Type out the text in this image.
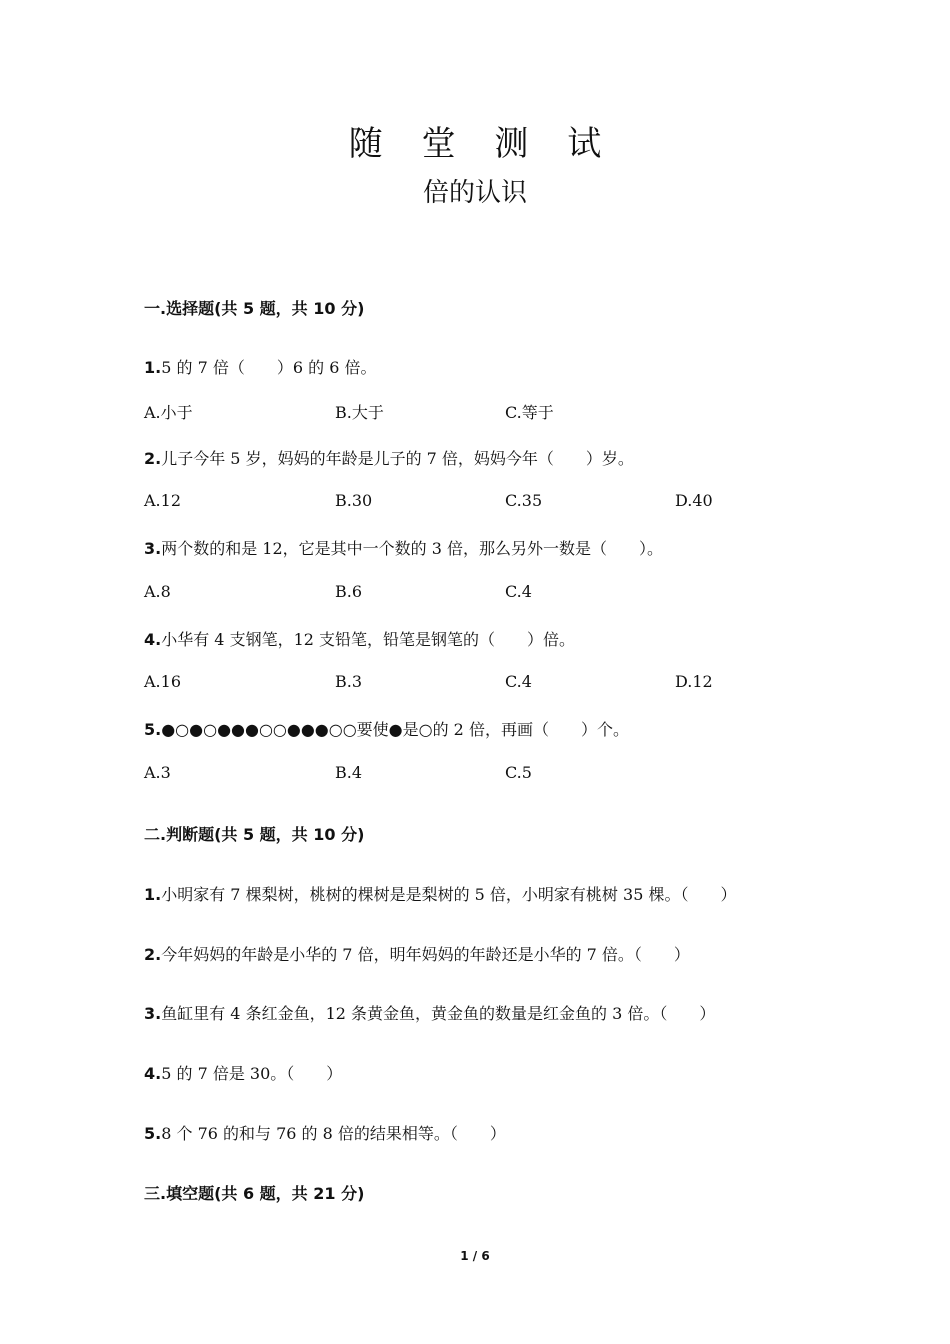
随 堂 测 试
倍的认识
一.选择题(共 5 题，共 10 分)
1.5 的 7 倍（　　）6 的 6 倍。
A.小于	B.大于	C.等于
2.儿子今年 5 岁，妈妈的年龄是儿子的 7 倍，妈妈今年（　　）岁。
A.12	B.30	C.35	D.40
3.两个数的和是 12，它是其中一个数的 3 倍，那么另外一数是（　　）。
A.8	B.6	C.4
4.小华有 4 支钢笔，12 支铅笔，铅笔是钢笔的（　　）倍。
A.16	B.3	C.4	D.12
5.●○●○●●●○○●●●○○要使●是○的 2 倍，再画（　　）个。
A.3	B.4	C.5
二.判断题(共 5 题，共 10 分)
1.小明家有 7 棵梨树，桃树的棵树是是梨树的 5 倍，小明家有桃树 35 棵。（　　）
2.今年妈妈的年龄是小华的 7 倍，明年妈妈的年龄还是小华的 7 倍。（　　）
3.鱼缸里有 4 条红金鱼，12 条黄金鱼，黄金鱼的数量是红金鱼的 3 倍。（　　）
4.5 的 7 倍是 30。（　　）
5.8 个 76 的和与 76 的 8 倍的结果相等。（　　）
三.填空题(共 6 题，共 21 分)
1 / 6
